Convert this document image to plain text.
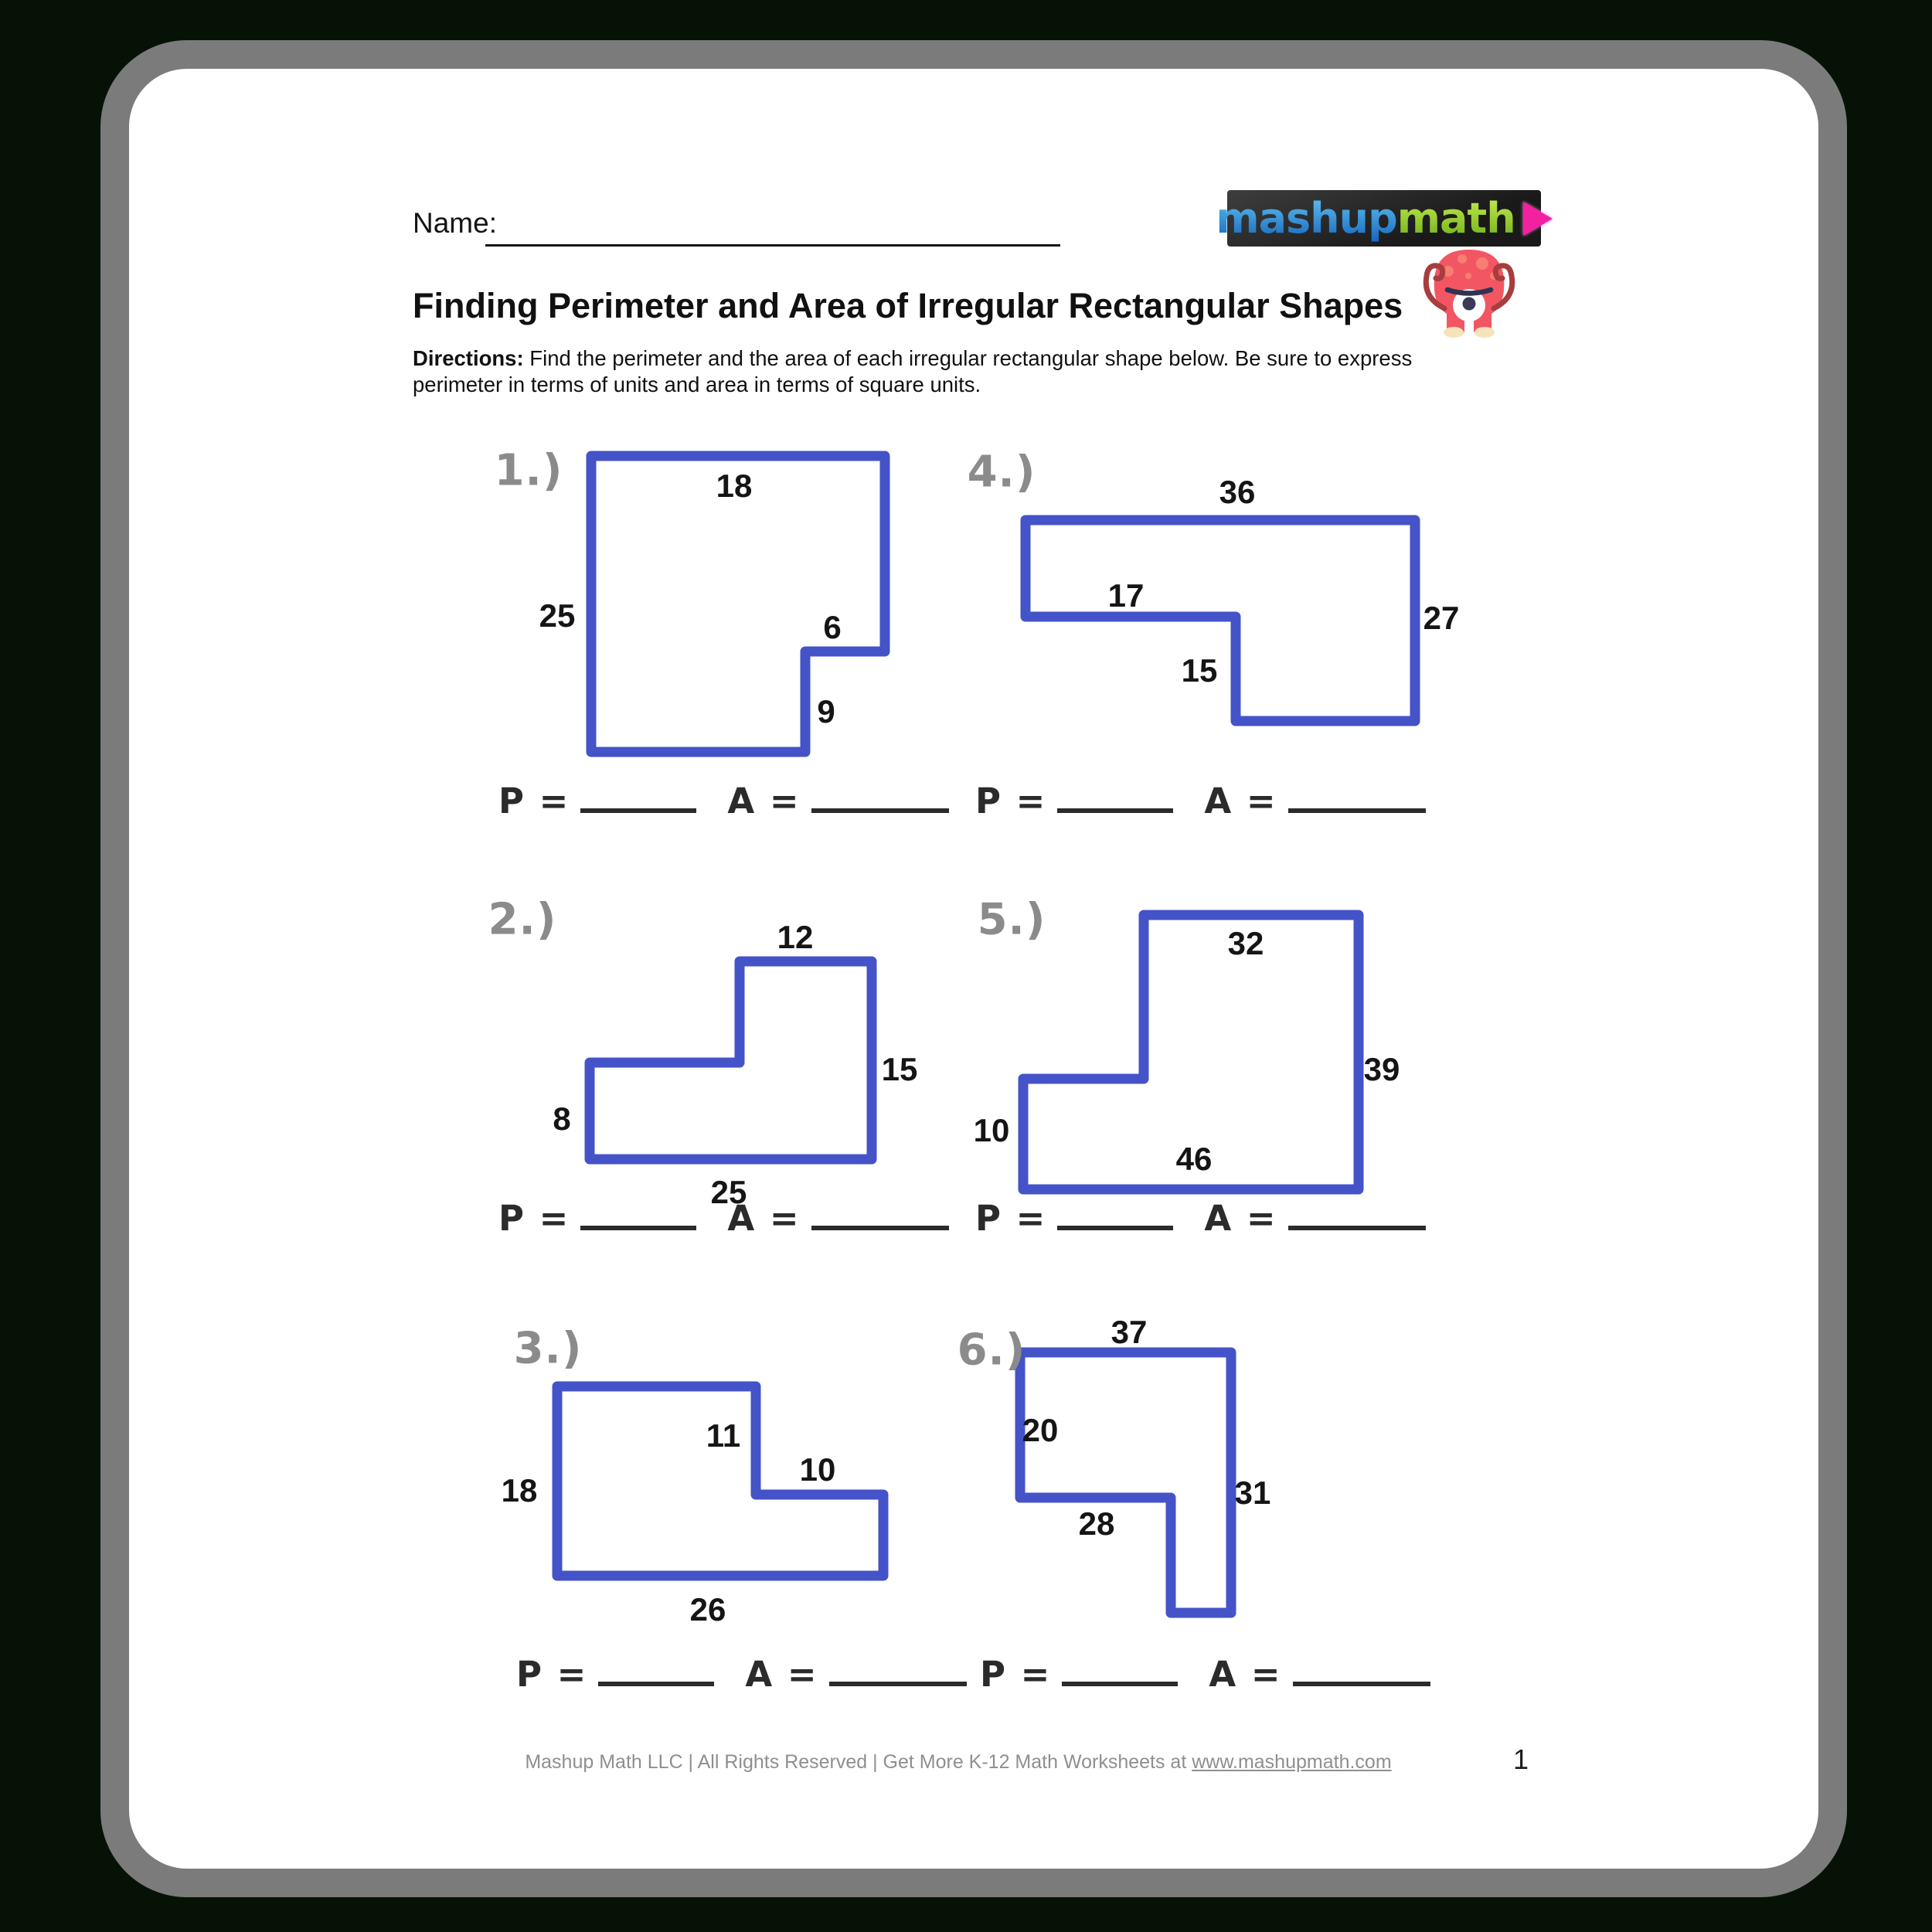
Name:	mashup math
Finding Perimeter and Area of Irregular Rectangular Shapes
Directions: Find the perimeter and the area of each irregular rectangular shape below. Be sure to express perimeter in terms of units and area in terms of square units.
1.)	18
25	6
9
P =	A =
2.)	12
15
8
25
P =	A =
3.)
11
10
18
26
P =	A =
4.)	36
17
15
27
P =	A =
5.)	32
39
10
46
P =	A =
6.)	37
20
31
28
P =	A =
Mashup Math LLC | All Rights Reserved | Get More K-12 Math Worksheets at www.mashupmath.com	1
